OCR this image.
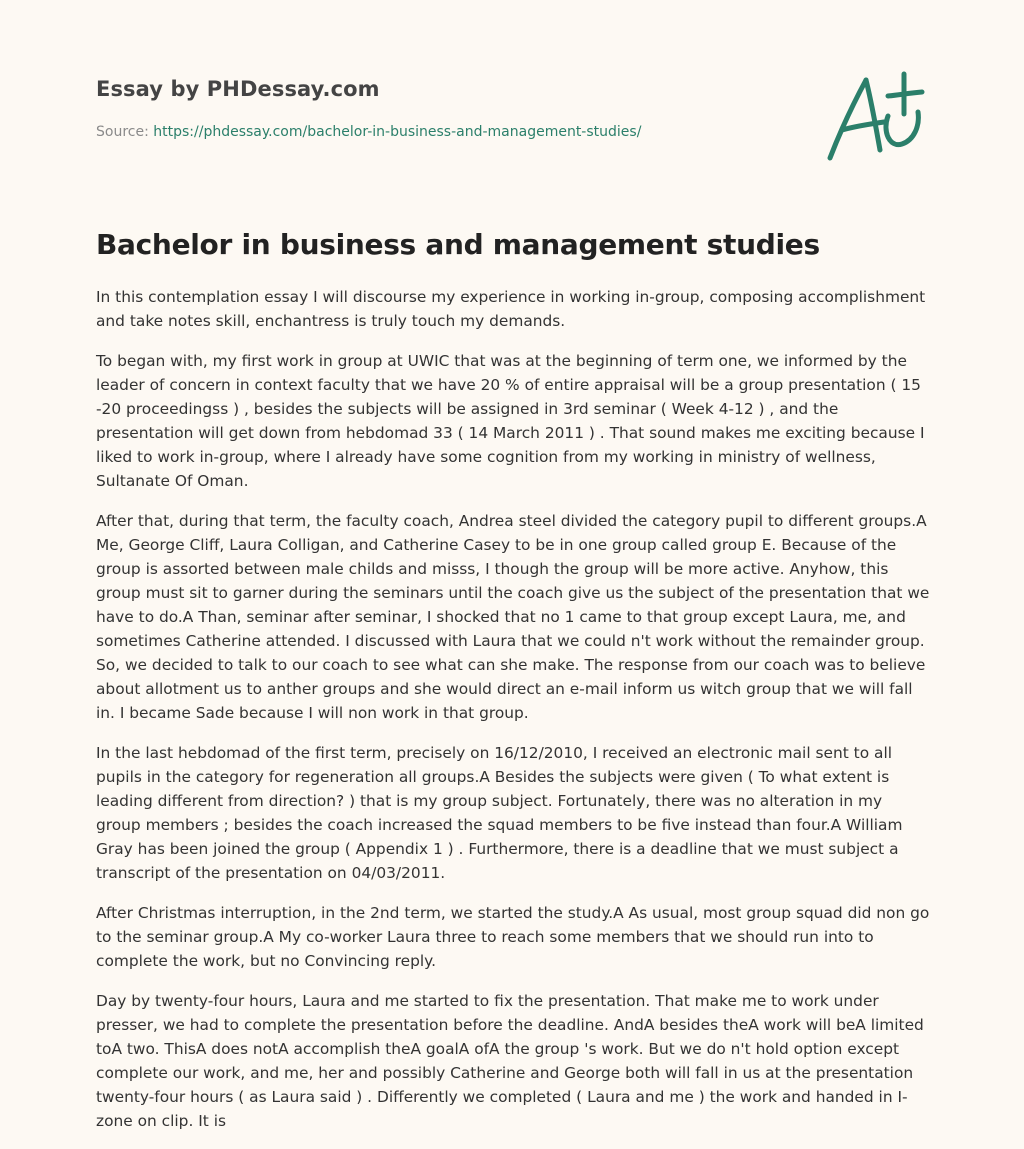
Essay by PHDessay.com
Source: https://phdessay.com/bachelor-in-business-and-management-studies/
Bachelor in business and management studies

In this contemplation essay I will discourse my experience in working in-group, composing accomplishment and take notes skill, enchantress is truly touch my demands.

To began with, my first work in group at UWIC that was at the beginning of term one, we informed by the leader of concern in context faculty that we have 20 % of entire appraisal will be a group presentation ( 15 -20 proceedingss ) , besides the subjects will be assigned in 3rd seminar ( Week 4-12 ) , and the presentation will get down from hebdomad 33 ( 14 March 2011 ) . That sound makes me exciting because I liked to work in-group, where I already have some cognition from my working in ministry of wellness, Sultanate Of Oman.

After that, during that term, the faculty coach, Andrea steel divided the category pupil to different groups.A Me, George Cliff, Laura Colligan, and Catherine Casey to be in one group called group E. Because of the group is assorted between male childs and misss, I though the group will be more active. Anyhow, this group must sit to garner during the seminars until the coach give us the subject of the presentation that we have to do.A Than, seminar after seminar, I shocked that no 1 came to that group except Laura, me, and sometimes Catherine attended. I discussed with Laura that we could n't work without the remainder group. So, we decided to talk to our coach to see what can she make. The response from our coach was to believe about allotment us to anther groups and she would direct an e-mail inform us witch group that we will fall in. I became Sade because I will non work in that group.

In the last hebdomad of the first term, precisely on 16/12/2010, I received an electronic mail sent to all pupils in the category for regeneration all groups.A Besides the subjects were given ( To what extent is leading different from direction? ) that is my group subject. Fortunately, there was no alteration in my group members ; besides the coach increased the squad members to be five instead than four.A William Gray has been joined the group ( Appendix 1 ) . Furthermore, there is a deadline that we must subject a transcript of the presentation on 04/03/2011.

After Christmas interruption, in the 2nd term, we started the study.A As usual, most group squad did non go to the seminar group.A My co-worker Laura three to reach some members that we should run into to complete the work, but no Convincing reply.

Day by twenty-four hours, Laura and me started to fix the presentation. That make me to work under presser, we had to complete the presentation before the deadline. AndA besides theA work will beA limited toA two. ThisA does notA accomplish theA goalA ofA the group 's work. But we do n't hold option except complete our work, and me, her and possibly Catherine and George both will fall in us at the presentation twenty-four hours ( as Laura said ) . Differently we completed ( Laura and me ) the work and handed in I-zone on clip. It is
